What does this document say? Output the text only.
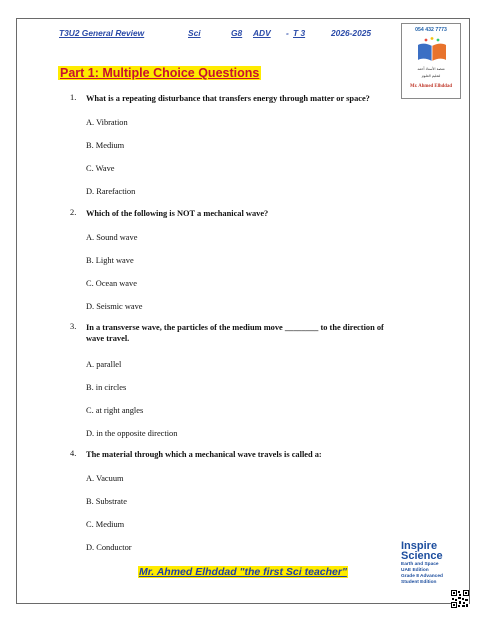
T3U2 General Review	Sci	G8 ADV - T 3	2026-2025	054 432 7773
منصة الأستاذ أحمد
لتعليم العلوم
Mr. Ahmed Elhddad
Part 1: Multiple Choice Questions
1. What is a repeating disturbance that transfers energy through matter or space?
A. Vibration
B. Medium
C. Wave
D. Rarefaction
2. Which of the following is NOT a mechanical wave?
A. Sound wave
B. Light wave
C. Ocean wave
D. Seismic wave
3. In a transverse wave, the particles of the medium move ________ to the direction of
wave travel.
A. parallel
B. in circles
C. at right angles
D. in the opposite direction
4. The material through which a mechanical wave travels is called a:
A. Vacuum
B. Substrate
C. Medium
D. Conductor
Mr. Ahmed Elhddad "the first Sci teacher"
Inspire
Science
Earth and Space
UAE Edition
Grade 8 Advanced
Student Edition
